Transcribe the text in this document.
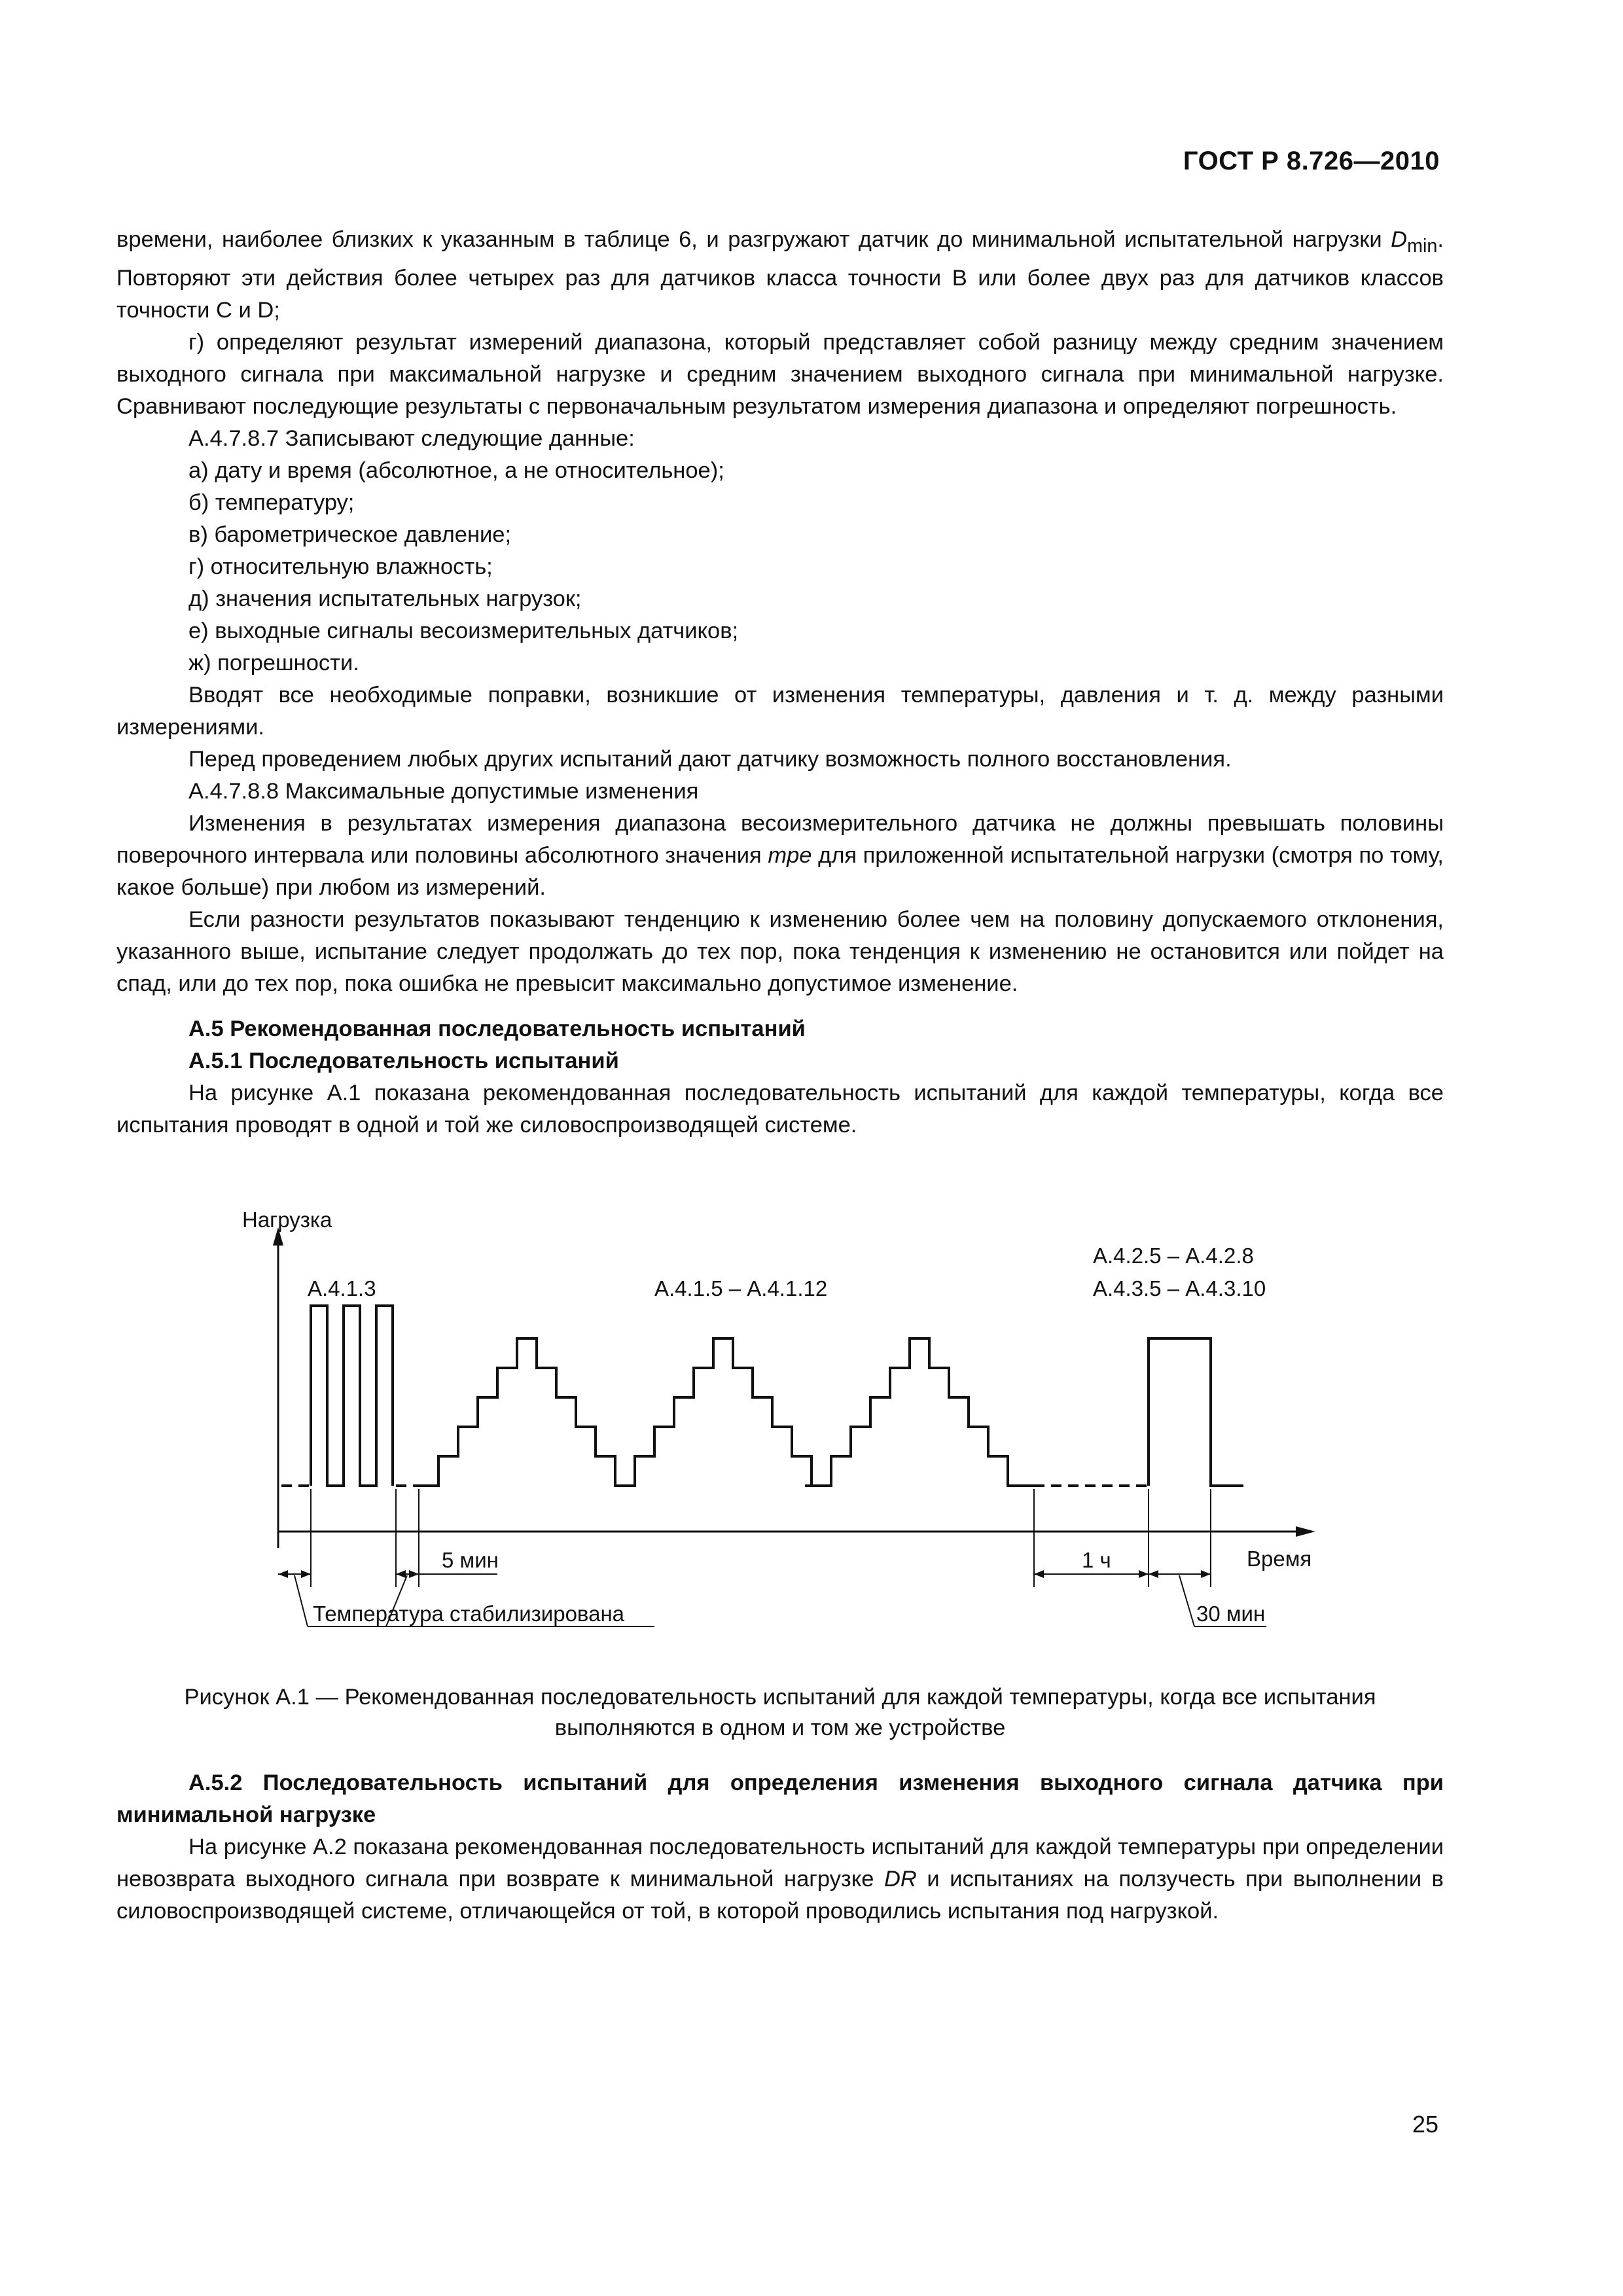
ГОСТ Р 8.726—2010

времени, наиболее близких к указанным в таблице 6, и разгружают датчик до минимальной испытательной нагрузки $D_{min}$. Повторяют эти действия более четырех раз для датчиков класса точности В или более двух раз для датчиков классов точности С и D;

г) определяют результат измерений диапазона, который представляет собой разницу между средним значением выходного сигнала при максимальной нагрузке и средним значением выходного сигнала при минимальной нагрузке. Сравнивают последующие результаты с первоначальным результатом измерения диапазона и определяют погрешность.

А.4.7.8.7 Записывают следующие данные:

а) дату и время (абсолютное, а не относительное);

б) температуру;

в) барометрическое давление;

г) относительную влажность;

д) значения испытательных нагрузок;

е) выходные сигналы весоизмерительных датчиков;

ж) погрешности.

Вводят все необходимые поправки, возникшие от изменения температуры, давления и т. д. между разными измерениями.

Перед проведением любых других испытаний дают датчику возможность полного восстановления.

А.4.7.8.8 Максимальные допустимые изменения

Изменения в результатах измерения диапазона весоизмерительного датчика не должны превышать половины поверочного интервала или половины абсолютного значения mpe для приложенной испытательной нагрузки (смотря по тому, какое больше) при любом из измерений.

Если разности результатов показывают тенденцию к изменению более чем на половину допускаемого отклонения, указанного выше, испытание следует продолжать до тех пор, пока тенденция к изменению не остановится или пойдет на спад, или до тех пор, пока ошибка не превысит максимально допустимое изменение.

А.5 Рекомендованная последовательность испытаний

А.5.1 Последовательность испытаний

На рисунке А.1 показана рекомендованная последовательность испытаний для каждой температуры, когда все испытания проводят в одной и той же силовоспроизводящей системе.

Нагрузка
Время
А.4.1.3	А.4.1.5 – А.4.1.12
А.4.2.5 – А.4.2.8
А.4.3.5 – А.4.3.10
5 мин	1 ч
Температура стабилизирована	30 мин
Рисунок А.1 — Рекомендованная последовательность испытаний для каждой температуры, когда все испытания
выполняются в одном и том же устройстве

А.5.2 Последовательность испытаний для определения изменения выходного сигнала датчика при минимальной нагрузке

На рисунке А.2 показана рекомендованная последовательность испытаний для каждой температуры при определении невозврата выходного сигнала при возврате к минимальной нагрузке DR и испытаниях на ползучесть при выполнении в силовоспроизводящей системе, отличающейся от той, в которой проводились испытания под нагрузкой.

25
